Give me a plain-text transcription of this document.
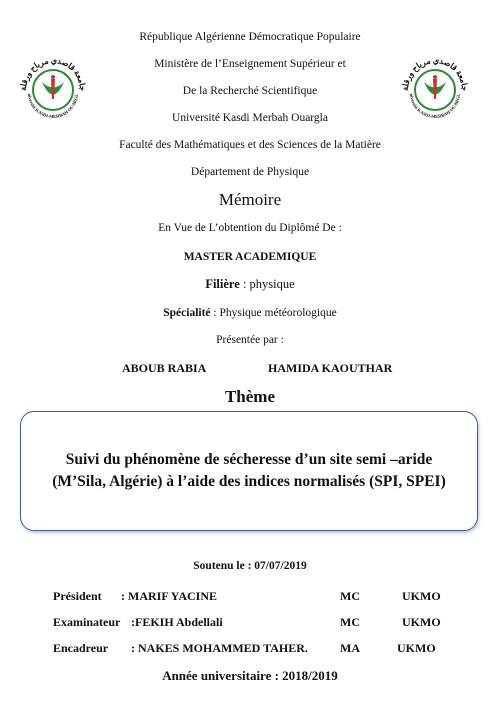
جامعة قاصدي مرباح ورقلة
niversité KASDI-MERBAH OUARGL
جامعة قاصدي مرباح ورقلة
niversité KASDI-MERBAH OUARGL
République Algérienne Démocratique Populaire
Ministère de l’Enseignement Supérieur et
De la Recherché Scientifique
Université Kasdi Merbah Ouargla
Faculté des Mathématiques et des Sciences de la Matière
Département de Physique
Mémoire
En Vue de L’obtention du Diplômé De :
MASTER ACADEMIQUE
Filière : physique
Spécialité : Physique météorologique
Présentée par :
ABOUB RABIA	HAMIDA KAOUTHAR
Thème
Suivi du phénomène de sécheresse d’un site semi –aride (M’Sila, Algérie) à l’aide des indices normalisés (SPI, SPEI)
Soutenu le : 07/07/2019
Président : MARIF YACINE	MC	UKMO
Examinateur :FEKIH Abdellali	MC	UKMO
Encadreur : NAKES MOHAMMED TAHER.	MA	UKMO
Année universitaire : 2018/2019
